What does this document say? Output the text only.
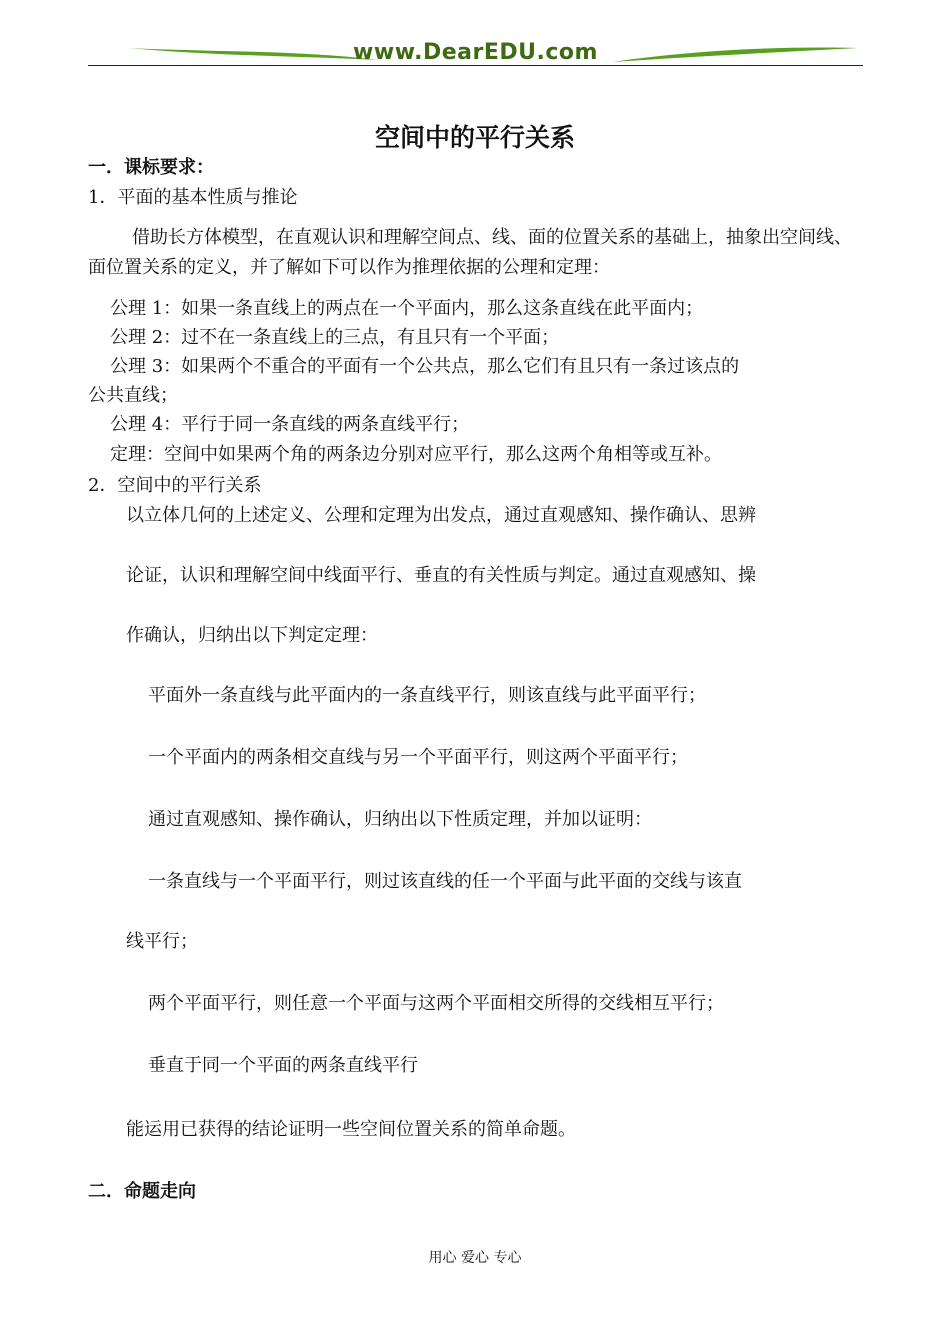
www.DearEDU.com
空间中的平行关系
一．课标要求：
1．平面的基本性质与推论
借助长方体模型，在直观认识和理解空间点、线、面的位置关系的基础上，抽象出空间线、面位置关系的定义，并了解如下可以作为推理依据的公理和定理：
公理 1：如果一条直线上的两点在一个平面内，那么这条直线在此平面内；
公理 2：过不在一条直线上的三点，有且只有一个平面；
公理 3：如果两个不重合的平面有一个公共点，那么它们有且只有一条过该点的
公共直线；
公理 4：平行于同一条直线的两条直线平行；
定理：空间中如果两个角的两条边分别对应平行，那么这两个角相等或互补。
2．空间中的平行关系
以立体几何的上述定义、公理和定理为出发点，通过直观感知、操作确认、思辨
论证，认识和理解空间中线面平行、垂直的有关性质与判定。通过直观感知、操
作确认，归纳出以下判定定理：
平面外一条直线与此平面内的一条直线平行，则该直线与此平面平行；
一个平面内的两条相交直线与另一个平面平行，则这两个平面平行；
通过直观感知、操作确认，归纳出以下性质定理，并加以证明：
一条直线与一个平面平行，则过该直线的任一个平面与此平面的交线与该直
线平行；
两个平面平行，则任意一个平面与这两个平面相交所得的交线相互平行；
垂直于同一个平面的两条直线平行
能运用已获得的结论证明一些空间位置关系的简单命题。
二．命题走向
用心 爱心 专心
